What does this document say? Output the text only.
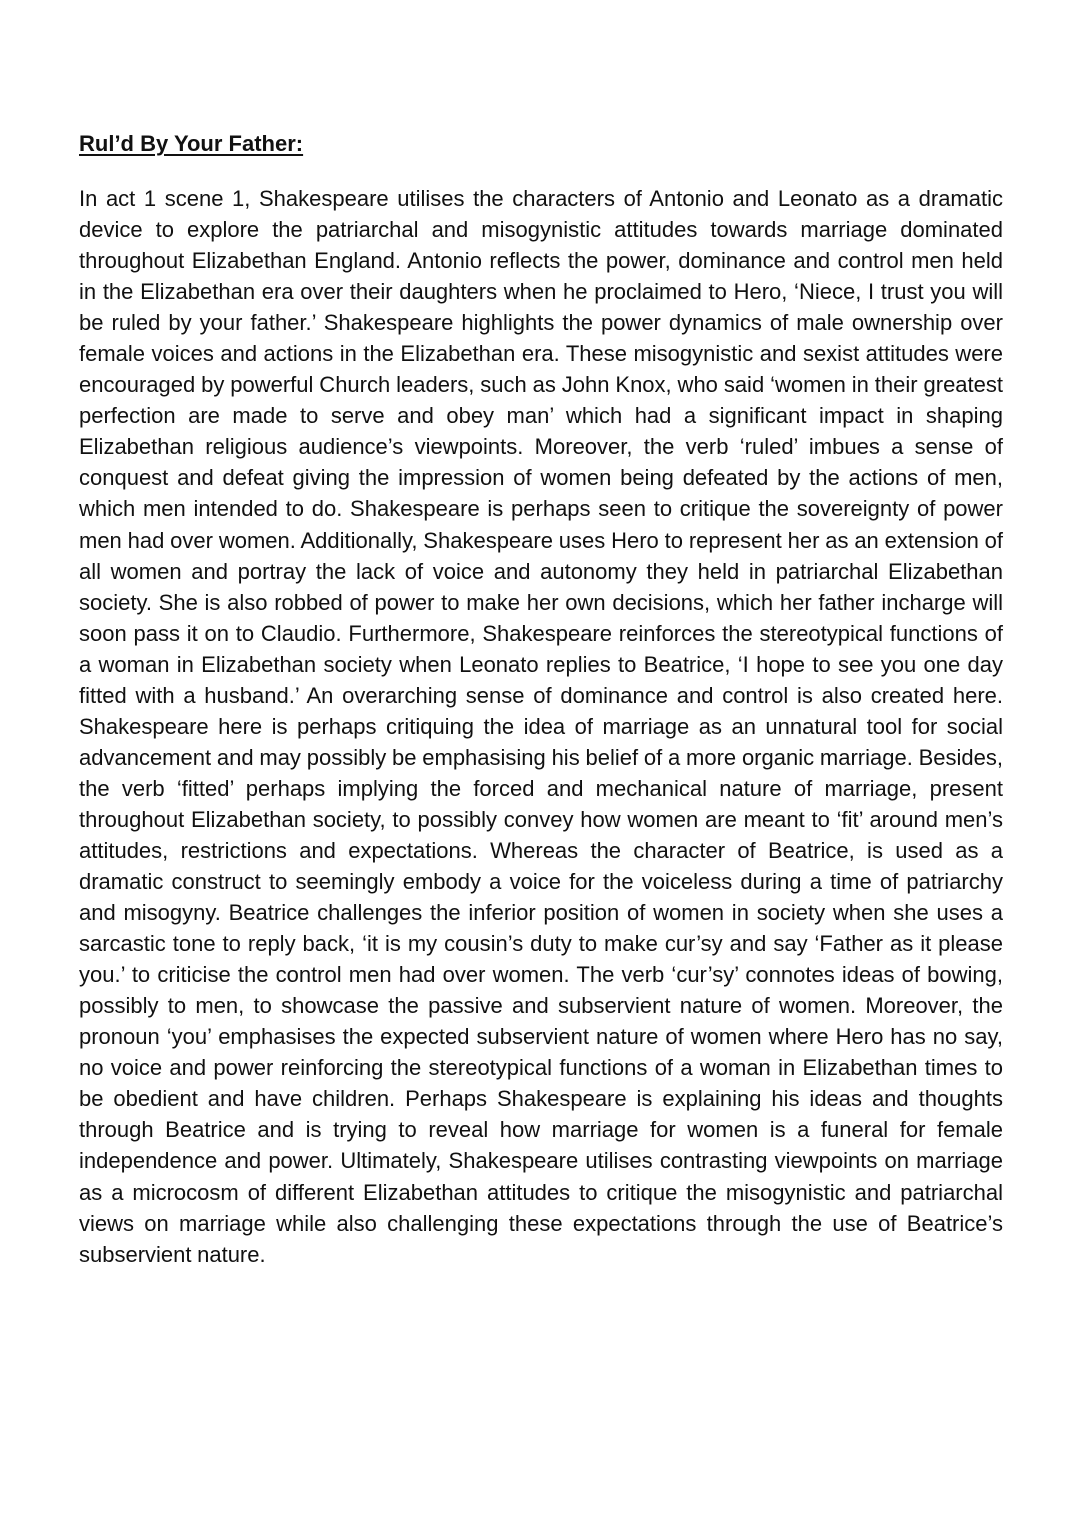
Rul’d By Your Father:

In act 1 scene 1, Shakespeare utilises the characters of Antonio and Leonato as a dramatic device to explore the patriarchal and misogynistic attitudes towards marriage dominated throughout Elizabethan England. Antonio reflects the power, dominance and control men held in the Elizabethan era over their daughters when he proclaimed to Hero, ‘Niece, I trust you will be ruled by your father.’ Shakespeare highlights the power dynamics of male ownership over female voices and actions in the Elizabethan era. These misogynistic and sexist attitudes were encouraged by powerful Church leaders, such as John Knox, who said ‘women in their greatest perfection are made to serve and obey man’ which had a significant impact in shaping Elizabethan religious audience’s viewpoints. Moreover, the verb ‘ruled’ imbues a sense of conquest and defeat giving the impression of women being defeated by the actions of men, which men intended to do. Shakespeare is perhaps seen to critique the sovereignty of power men had over women. Additionally, Shakespeare uses Hero to represent her as an extension of all women and portray the lack of voice and autonomy they held in patriarchal Elizabethan society. She is also robbed of power to make her own decisions, which her father incharge will soon pass it on to Claudio. Furthermore, Shakespeare reinforces the stereotypical functions of a woman in Elizabethan society when Leonato replies to Beatrice, ‘I hope to see you one day fitted with a husband.’ An overarching sense of dominance and control is also created here. Shakespeare here is perhaps critiquing the idea of marriage as an unnatural tool for social advancement and may possibly be emphasising his belief of a more organic marriage. Besides, the verb ‘fitted’ perhaps implying the forced and mechanical nature of marriage, present throughout Elizabethan society, to possibly convey how women are meant to ‘fit’ around men’s attitudes, restrictions and expectations. Whereas the character of Beatrice, is used as a dramatic construct to seemingly embody a voice for the voiceless during a time of patriarchy and misogyny. Beatrice challenges the inferior position of women in society when she uses a sarcastic tone to reply back, ‘it is my cousin’s duty to make cur’sy and say ‘Father as it please you.’ to criticise the control men had over women. The verb ‘cur’sy’ connotes ideas of bowing, possibly to men, to showcase the passive and subservient nature of women. Moreover, the pronoun ‘you’ emphasises the expected subservient nature of women where Hero has no say, no voice and power reinforcing the stereotypical functions of a woman in Elizabethan times to be obedient and have children. Perhaps Shakespeare is explaining his ideas and thoughts through Beatrice and is trying to reveal how marriage for women is a funeral for female independence and power. Ultimately, Shakespeare utilises contrasting viewpoints on marriage as a microcosm of different Elizabethan attitudes to critique the misogynistic and patriarchal views on marriage while also challenging these expectations through the use of Beatrice’s subservient nature.
